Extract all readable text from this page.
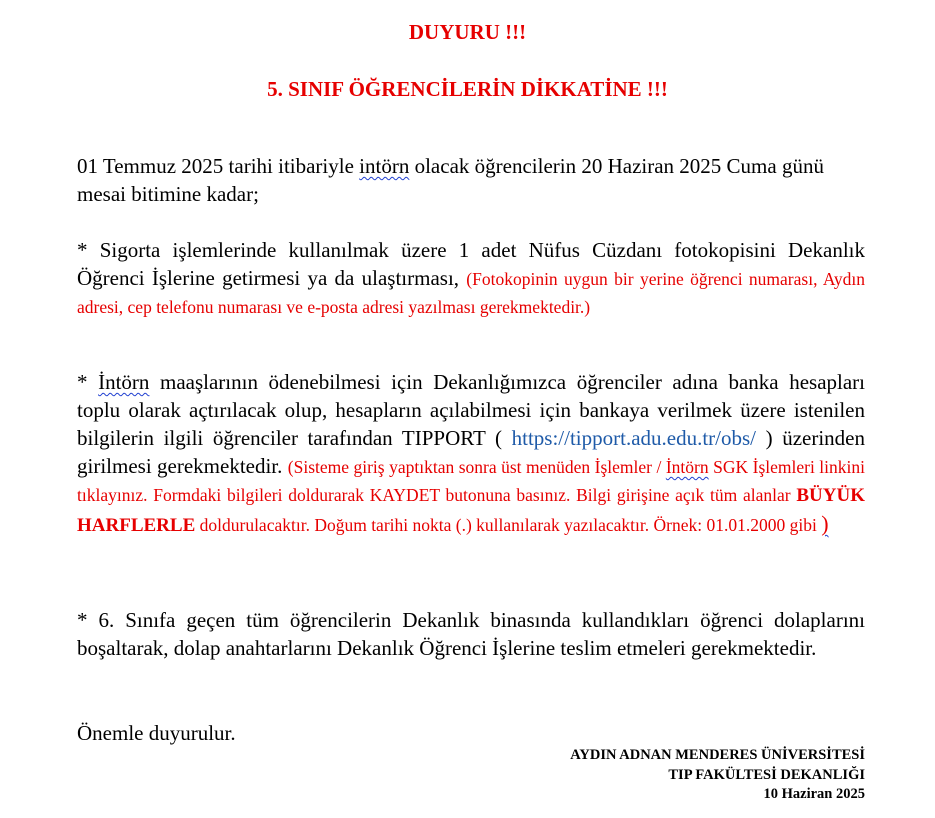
DUYURU !!!
5. SINIF ÖĞRENCİLERİN DİKKATİNE !!!
01 Temmuz 2025 tarihi itibariyle intörn olacak öğrencilerin 20 Haziran 2025 Cuma günü mesai bitimine kadar;
* Sigorta işlemlerinde kullanılmak üzere 1 adet Nüfus Cüzdanı fotokopisini Dekanlık Öğrenci İşlerine getirmesi ya da ulaştırması, (Fotokopinin uygun bir yerine öğrenci numarası, Aydın adresi, cep telefonu numarası ve e-posta adresi yazılması gerekmektedir.)
* İntörn maaşlarının ödenebilmesi için Dekanlığımızca öğrenciler adına banka hesapları toplu olarak açtırılacak olup, hesapların açılabilmesi için bankaya verilmek üzere istenilen bilgilerin ilgili öğrenciler tarafından TIPPORT ( https://tipport.adu.edu.tr/obs/ ) üzerinden girilmesi gerekmektedir. (Sisteme giriş yaptıktan sonra üst menüden İşlemler / İntörn SGK İşlemleri linkini tıklayınız. Formdaki bilgileri doldurarak KAYDET butonuna basınız. Bilgi girişine açık tüm alanlar BÜYÜK HARFLERLE doldurulacaktır. Doğum tarihi nokta (.) kullanılarak yazılacaktır. Örnek: 01.01.2000 gibi )
* 6. Sınıfa geçen tüm öğrencilerin Dekanlık binasında kullandıkları öğrenci dolaplarını boşaltarak, dolap anahtarlarını Dekanlık Öğrenci İşlerine teslim etmeleri gerekmektedir.
Önemle duyurulur.
AYDIN ADNAN MENDERES ÜNİVERSİTESİ
TIP FAKÜLTESİ DEKANLIĞI
10 Haziran 2025
